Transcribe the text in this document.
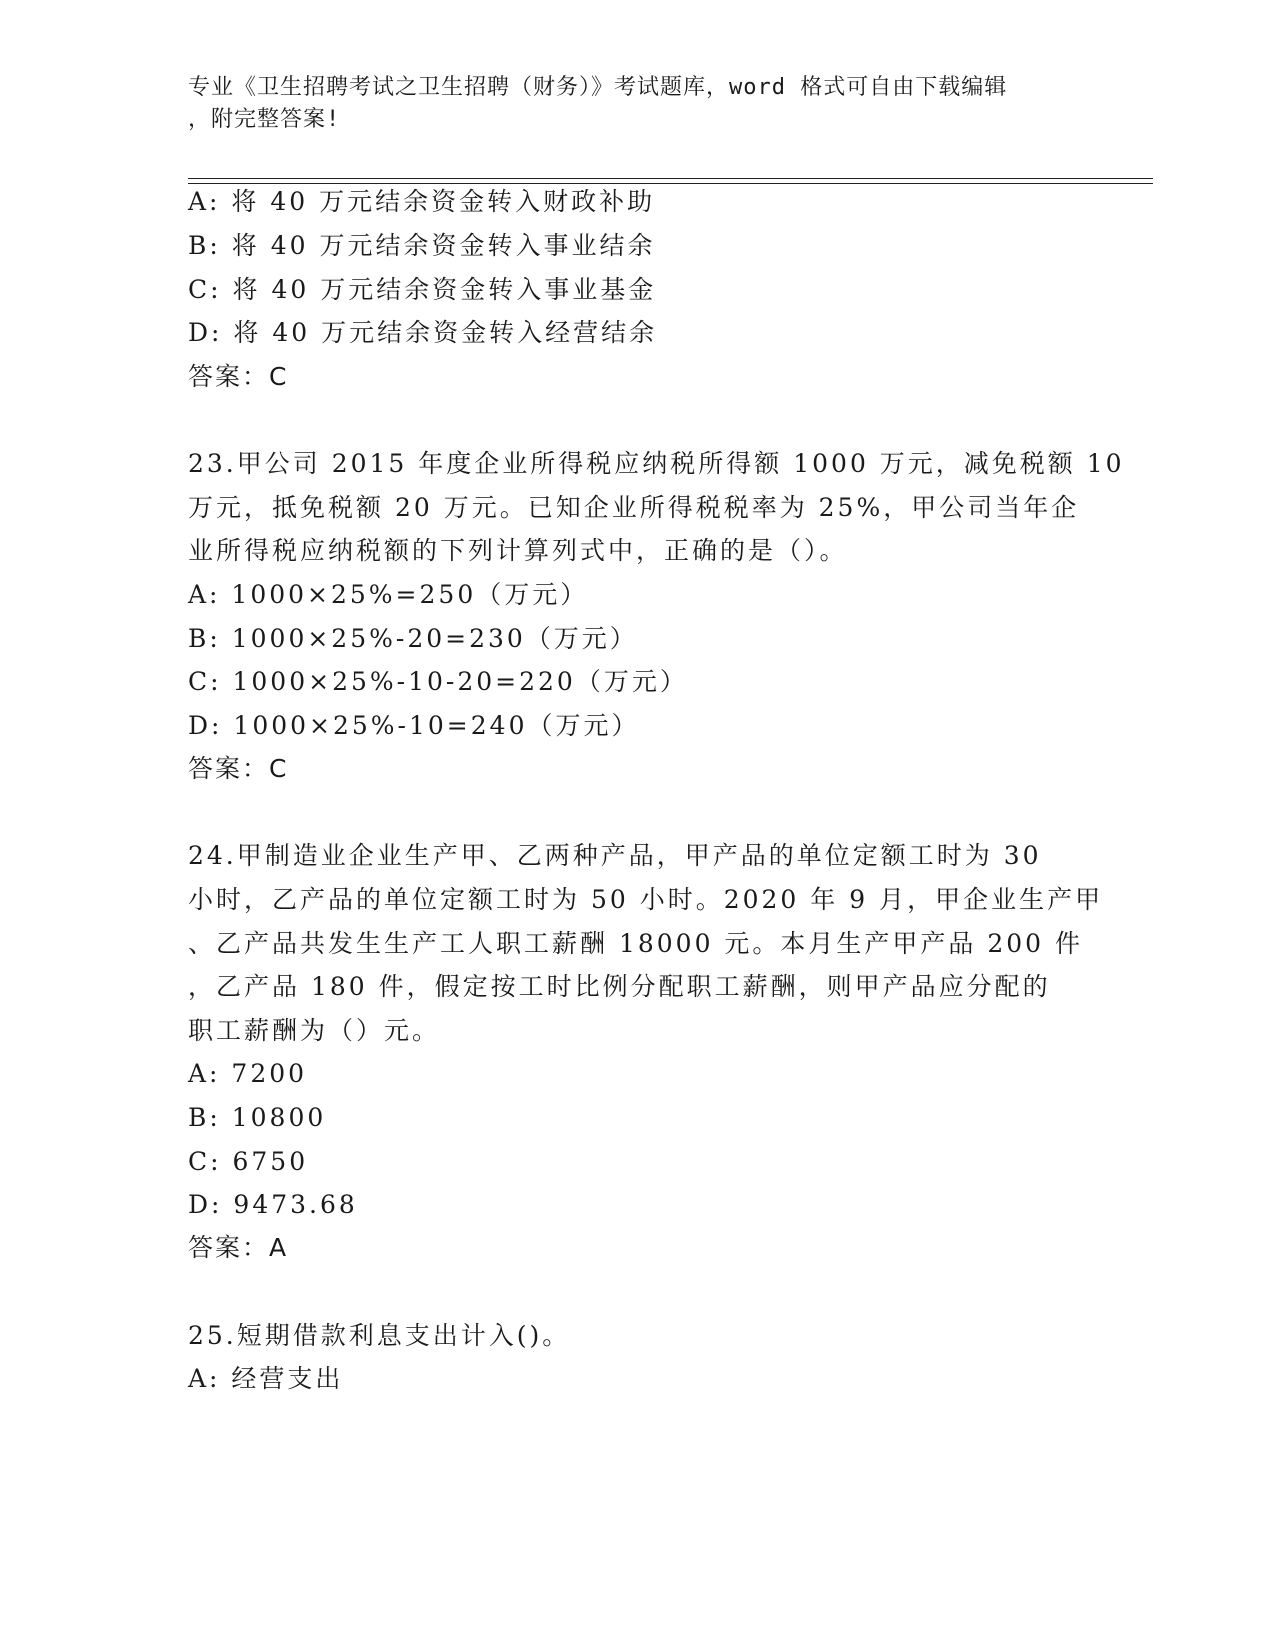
专业《卫生招聘考试之卫生招聘（财务）》考试题库，word 格式可自由下载编辑
，附完整答案!
A: 将 40 万元结余资金转入财政补助
B: 将 40 万元结余资金转入事业结余
C: 将 40 万元结余资金转入事业基金
D: 将 40 万元结余资金转入经营结余
答案：C
23.甲公司 2015 年度企业所得税应纳税所得额 1000 万元，减免税额 10
万元，抵免税额 20 万元。已知企业所得税税率为 25%，甲公司当年企
业所得税应纳税额的下列计算列式中，正确的是（）。
A: 1000×25%=250（万元）
B: 1000×25%-20=230（万元）
C: 1000×25%-10-20=220（万元）
D: 1000×25%-10=240（万元）
答案：C
24.甲制造业企业生产甲、乙两种产品，甲产品的单位定额工时为 30
小时，乙产品的单位定额工时为 50 小时。2020 年 9 月，甲企业生产甲
、乙产品共发生生产工人职工薪酬 18000 元。本月生产甲产品 200 件
，乙产品 180 件，假定按工时比例分配职工薪酬，则甲产品应分配的
职工薪酬为（）元。
A: 7200
B: 10800
C: 6750
D: 9473.68
答案：A
25.短期借款利息支出计入()。
A: 经营支出
